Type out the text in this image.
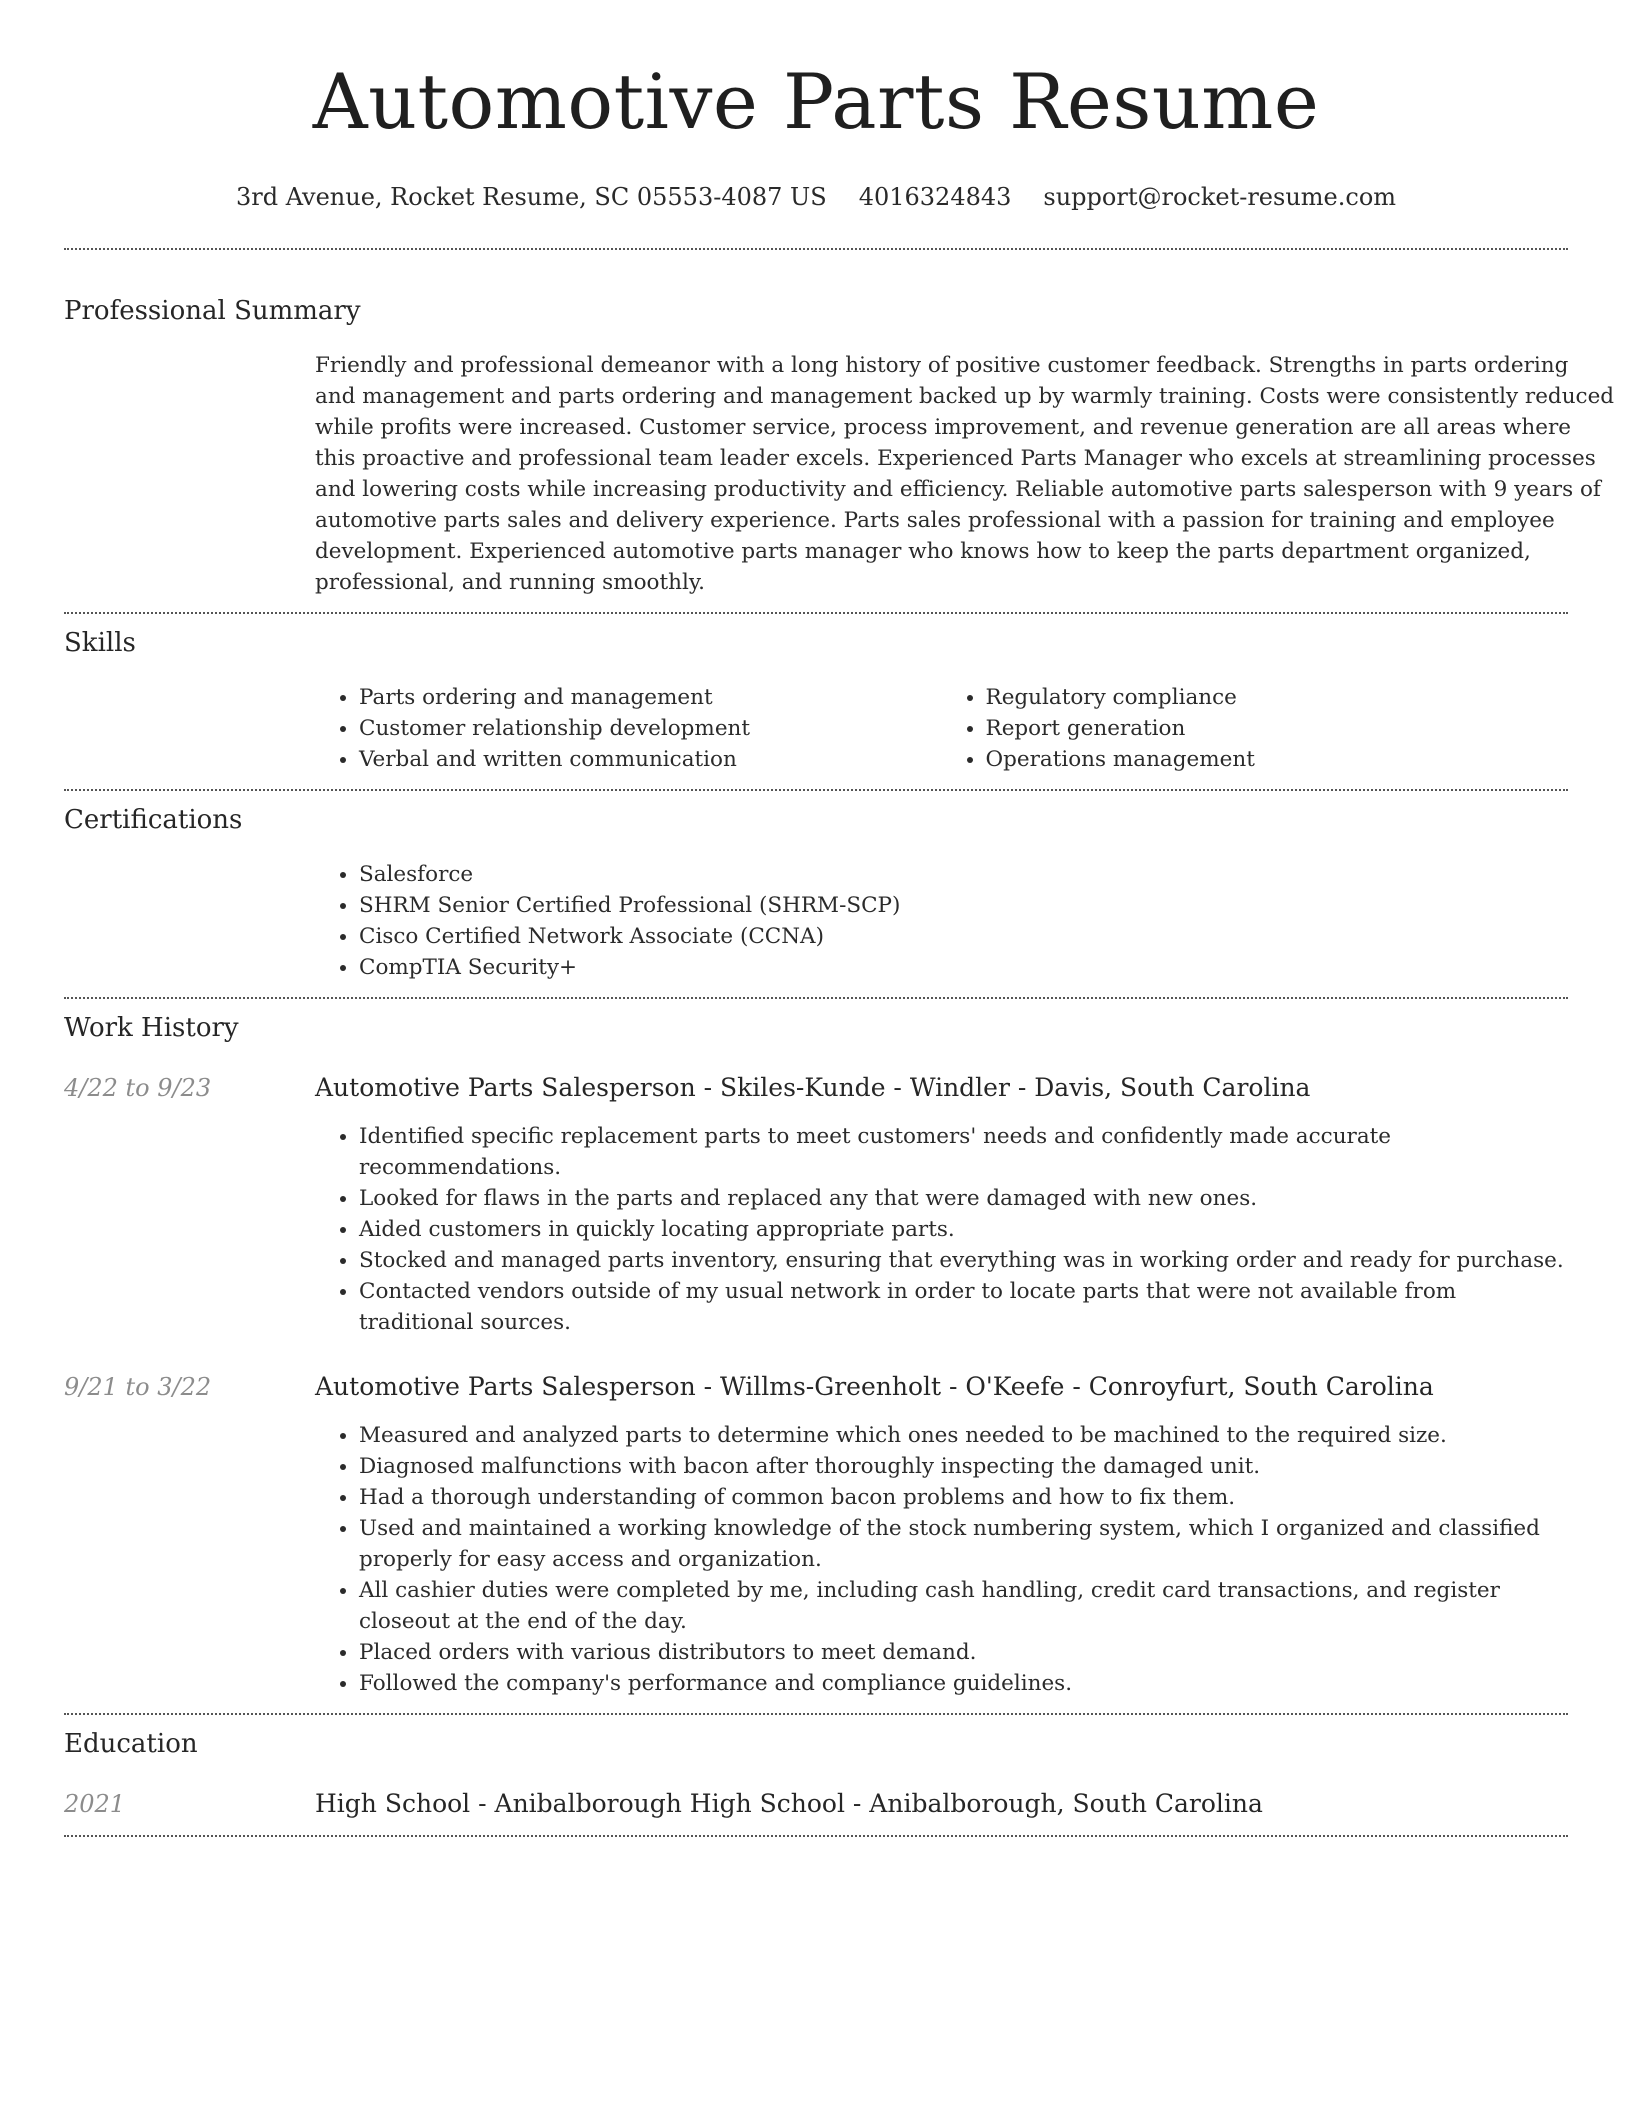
Automotive Parts Resume
3rd Avenue, Rocket Resume, SC 05553-4087 US 4016324843 support@rocket-resume.com
Professional Summary

Friendly and professional demeanor with a long history of positive customer feedback. Strengths in parts ordering and management and parts ordering and management backed up by warmly training. Costs were consistently reduced while profits were increased. Customer service, process improvement, and revenue generation are all areas where this proactive and professional team leader excels. Experienced Parts Manager who excels at streamlining processes and lowering costs while increasing productivity and efficiency. Reliable automotive parts salesperson with 9 years of automotive parts sales and delivery experience. Parts sales professional with a passion for training and employee development. Experienced automotive parts manager who knows how to keep the parts department organized, professional, and running smoothly.

Skills
• Parts ordering and management
• Customer relationship development
• Verbal and written communication
• Regulatory compliance
• Report generation
• Operations management
Certifications
• Salesforce
• SHRM Senior Certified Professional (SHRM-SCP)
• Cisco Certified Network Associate (CCNA)
• CompTIA Security+
Work History
4/22 to 9/23	Automotive Parts Salesperson - Skiles-Kunde - Windler - Davis, South Carolina
• Identified specific replacement parts to meet customers' needs and confidently made accurate recommendations.
• Looked for flaws in the parts and replaced any that were damaged with new ones.
• Aided customers in quickly locating appropriate parts.
• Stocked and managed parts inventory, ensuring that everything was in working order and ready for purchase.
• Contacted vendors outside of my usual network in order to locate parts that were not available from traditional sources.
9/21 to 3/22	Automotive Parts Salesperson - Willms-Greenholt - O'Keefe - Conroyfurt, South Carolina
• Measured and analyzed parts to determine which ones needed to be machined to the required size.
• Diagnosed malfunctions with bacon after thoroughly inspecting the damaged unit.
• Had a thorough understanding of common bacon problems and how to fix them.
• Used and maintained a working knowledge of the stock numbering system, which I organized and classified properly for easy access and organization.
• All cashier duties were completed by me, including cash handling, credit card transactions, and register closeout at the end of the day.
• Placed orders with various distributors to meet demand.
• Followed the company's performance and compliance guidelines.
Education
2021	High School - Anibalborough High School - Anibalborough, South Carolina
